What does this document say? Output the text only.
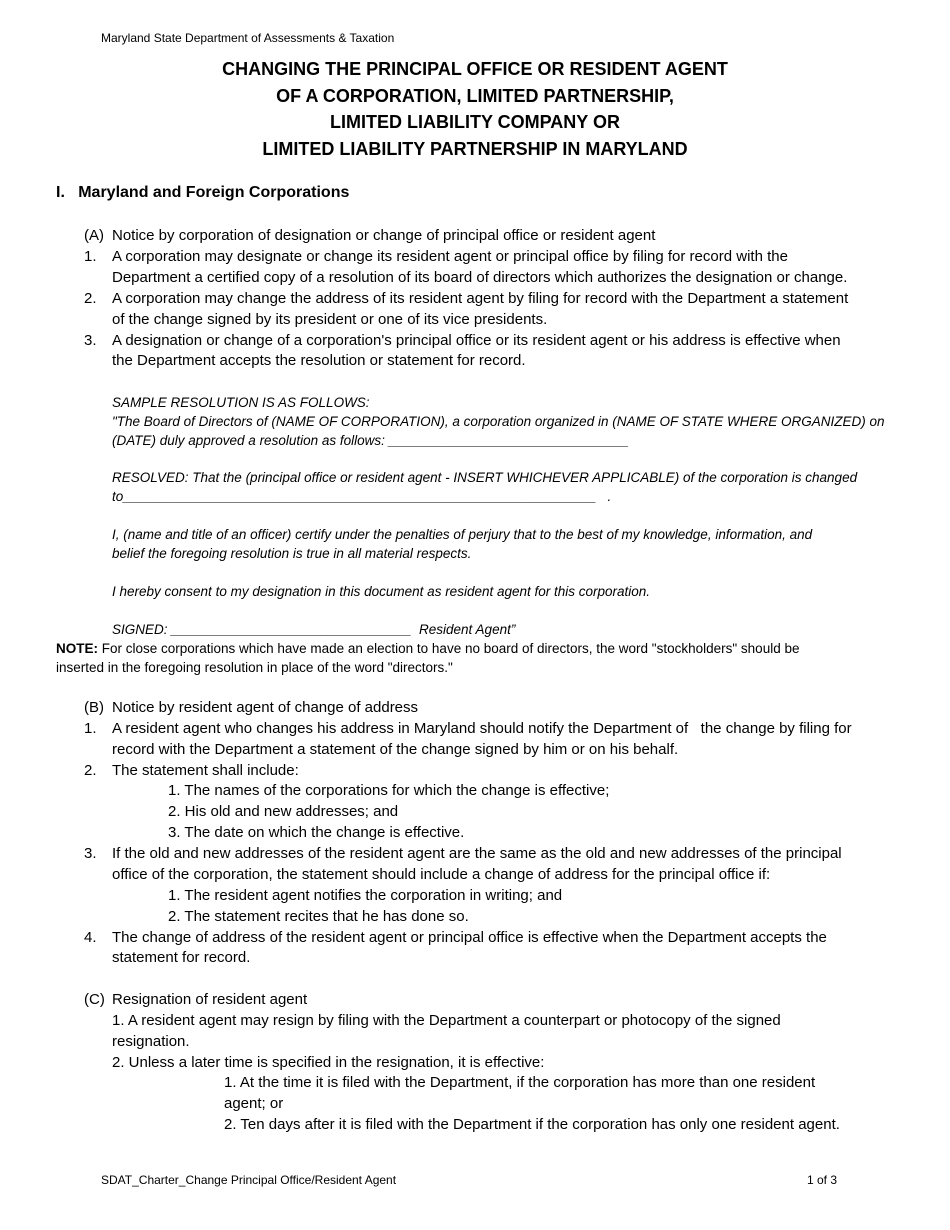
Maryland State Department of Assessments & Taxation
CHANGING THE PRINCIPAL OFFICE OR RESIDENT AGENT
OF A CORPORATION, LIMITED PARTNERSHIP,
LIMITED LIABILITY COMPANY OR
LIMITED LIABILITY PARTNERSHIP IN MARYLAND
I.   Maryland and Foreign Corporations
(A) Notice by corporation of designation or change of principal office or resident agent
1. A corporation may designate or change its resident agent or principal office by filing for record with the
Department a certified copy of a resolution of its board of directors which authorizes the designation or change.
2. A corporation may change the address of its resident agent by filing for record with the Department a statement
of the change signed by its president or one of its vice presidents.
3. A designation or change of a corporation's principal office or its resident agent or his address is effective when
the Department accepts the resolution or statement for record.
SAMPLE RESOLUTION IS AS FOLLOWS:
"The Board of Directors of (NAME OF CORPORATION), a corporation organized in (NAME OF STATE WHERE ORGANIZED) on
(DATE) duly approved a resolution as follows: ________________________________
RESOLVED: That the (principal office or resident agent - INSERT WHICHEVER APPLICABLE) of the corporation is changed
to_______________________________________________________________   .
I, (name and title of an officer) certify under the penalties of perjury that to the best of my knowledge, information, and
belief the foregoing resolution is true in all material respects.
I hereby consent to my designation in this document as resident agent for this corporation.
SIGNED: ________________________________  Resident Agent”
NOTE: For close corporations which have made an election to have no board of directors, the word "stockholders" should be
inserted in the foregoing resolution in place of the word "directors."
(B) Notice by resident agent of change of address
1. A resident agent who changes his address in Maryland should notify the Department of   the change by filing for
record with the Department a statement of the change signed by him or on his behalf.
2. The statement shall include:
1. The names of the corporations for which the change is effective;
2. His old and new addresses; and
3. The date on which the change is effective.
3. If the old and new addresses of the resident agent are the same as the old and new addresses of the principal
office of the corporation, the statement should include a change of address for the principal office if:
1. The resident agent notifies the corporation in writing; and
2. The statement recites that he has done so.
4. The change of address of the resident agent or principal office is effective when the Department accepts the
statement for record.
(C) Resignation of resident agent
1. A resident agent may resign by filing with the Department a counterpart or photocopy of the signed
resignation.
2. Unless a later time is specified in the resignation, it is effective:
1. At the time it is filed with the Department, if the corporation has more than one resident
agent; or
2. Ten days after it is filed with the Department if the corporation has only one resident agent.
SDAT_Charter_Change Principal Office/Resident Agent	1 of 3
